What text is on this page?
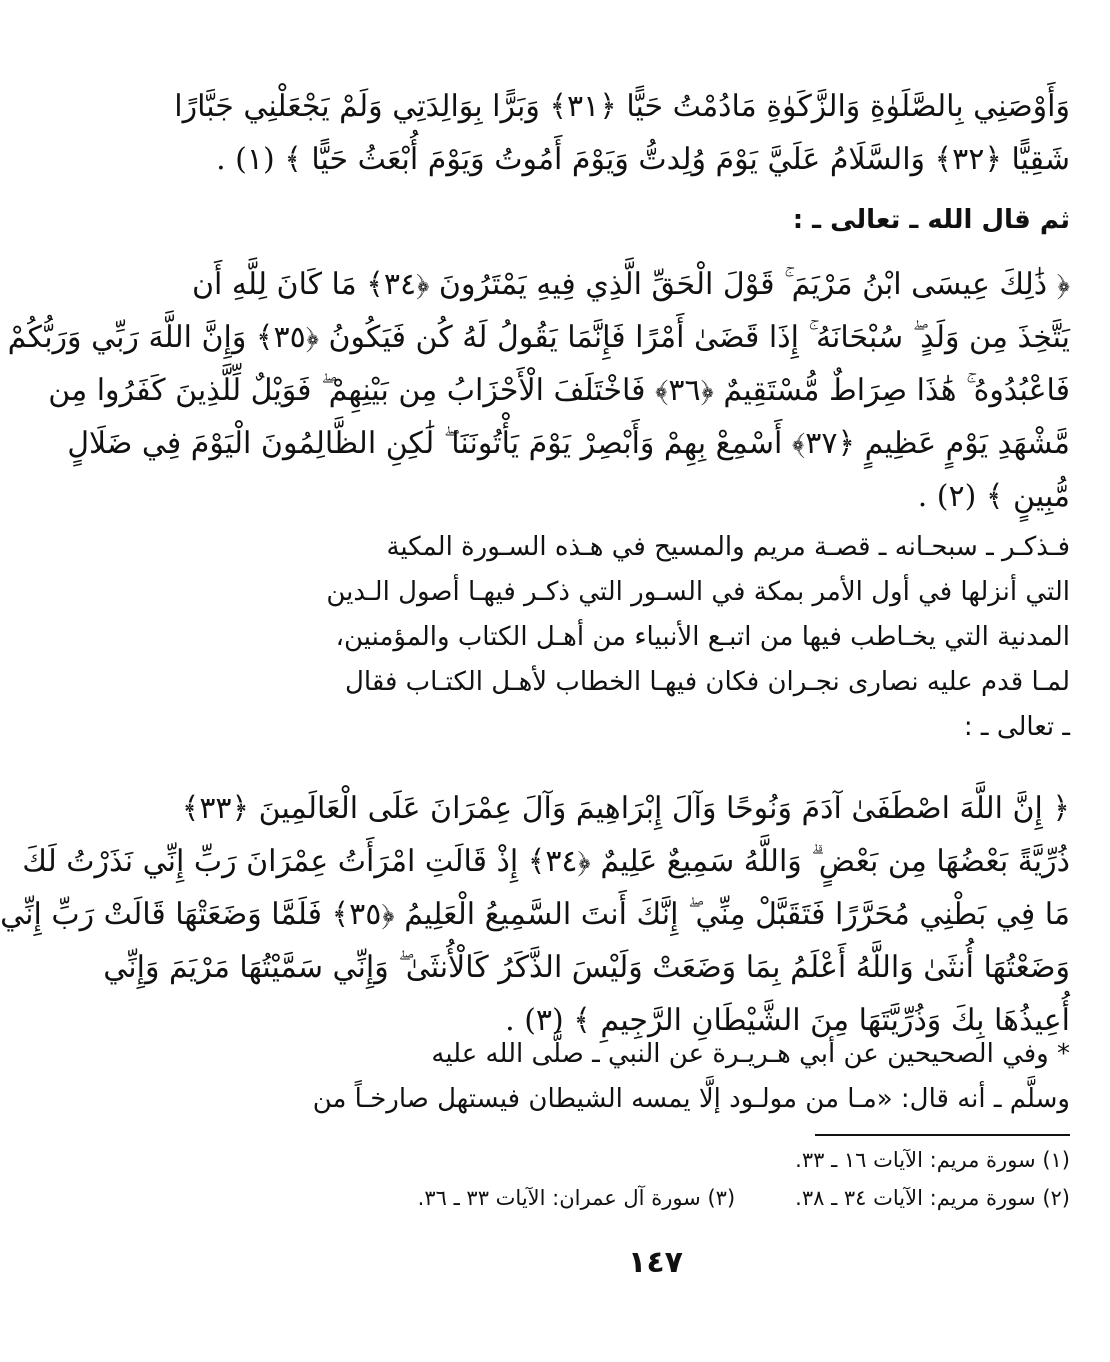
وَأَوْصَنِي بِالصَّلَوٰةِ وَالزَّكَوٰةِ مَادُمْتُ حَيًّا ﴿٣١﴾ وَبَرًّا بِوَالِدَتِي وَلَمْ يَجْعَلْنِي جَبَّارًا
شَقِيًّا ﴿٣٢﴾ وَالسَّلَامُ عَلَيَّ يَوْمَ وُلِدتُّ وَيَوْمَ أَمُوتُ وَيَوْمَ أُبْعَثُ حَيًّا ﴾ (١) .
ثم قال الله ـ تعالى ـ :
﴿ ذَٰلِكَ عِيسَى ابْنُ مَرْيَمَ ۚ قَوْلَ الْحَقِّ الَّذِي فِيهِ يَمْتَرُونَ ﴿٣٤﴾ مَا كَانَ لِلَّهِ أَن
يَتَّخِذَ مِن وَلَدٍ ۖ سُبْحَانَهُ ۚ إِذَا قَضَىٰ أَمْرًا فَإِنَّمَا يَقُولُ لَهُ كُن فَيَكُونُ ﴿٣٥﴾ وَإِنَّ اللَّهَ رَبِّي وَرَبُّكُمْ
فَاعْبُدُوهُ ۚ هَٰذَا صِرَاطٌ مُّسْتَقِيمٌ ﴿٣٦﴾ فَاخْتَلَفَ الْأَحْزَابُ مِن بَيْنِهِمْ ۖ فَوَيْلٌ لِّلَّذِينَ كَفَرُوا مِن
مَّشْهَدِ يَوْمٍ عَظِيمٍ ﴿٣٧﴾ أَسْمِعْ بِهِمْ وَأَبْصِرْ يَوْمَ يَأْتُونَنَا ۖ لَٰكِنِ الظَّالِمُونَ الْيَوْمَ فِي ضَلَالٍ
مُّبِينٍ ﴾ (٢) .
فـذكـر ـ سبحـانه ـ قصـة مريم والمسيح في هـذه السـورة المكية
التي أنزلها في أول الأمر بمكة في السـور التي ذكـر فيهـا أصول الـدين
المدنية التي يخـاطب فيها من اتبـع الأنبياء من أهـل الكتاب والمؤمنين،
لمـا قدم عليه نصارى نجـران فكان فيهـا الخطاب لأهـل الكتـاب فقال
ـ تعالى ـ :
﴿ إِنَّ اللَّهَ اصْطَفَىٰ آدَمَ وَنُوحًا وَآلَ إِبْرَاهِيمَ وَآلَ عِمْرَانَ عَلَى الْعَالَمِينَ ﴿٣٣﴾
ذُرِّيَّةً بَعْضُهَا مِن بَعْضٍ ۗ وَاللَّهُ سَمِيعٌ عَلِيمٌ ﴿٣٤﴾ إِذْ قَالَتِ امْرَأَتُ عِمْرَانَ رَبِّ إِنِّي نَذَرْتُ لَكَ
مَا فِي بَطْنِي مُحَرَّرًا فَتَقَبَّلْ مِنِّي ۖ إِنَّكَ أَنتَ السَّمِيعُ الْعَلِيمُ ﴿٣٥﴾ فَلَمَّا وَضَعَتْهَا قَالَتْ رَبِّ إِنِّي
وَضَعْتُهَا أُنثَىٰ وَاللَّهُ أَعْلَمُ بِمَا وَضَعَتْ وَلَيْسَ الذَّكَرُ كَالْأُنثَىٰ ۖ وَإِنِّي سَمَّيْتُهَا مَرْيَمَ وَإِنِّي
أُعِيذُهَا بِكَ وَذُرِّيَّتَهَا مِنَ الشَّيْطَانِ الرَّجِيمِ ﴾ (٣) .
* وفي الصحيحين عن أبي هـريـرة عن النبي ـ صلَّى الله عليه
وسلَّم ـ أنه قال: «مـا من مولـود إلَّا يمسه الشيطان فيستهل صارخـاً من
(١) سورة مريم: الآيات ١٦ ـ ٣٣.
(٢) سورة مريم: الآيات ٣٤ ـ ٣٨.
(٣) سورة آل عمران: الآيات ٣٣ ـ ٣٦.
١٤٧
